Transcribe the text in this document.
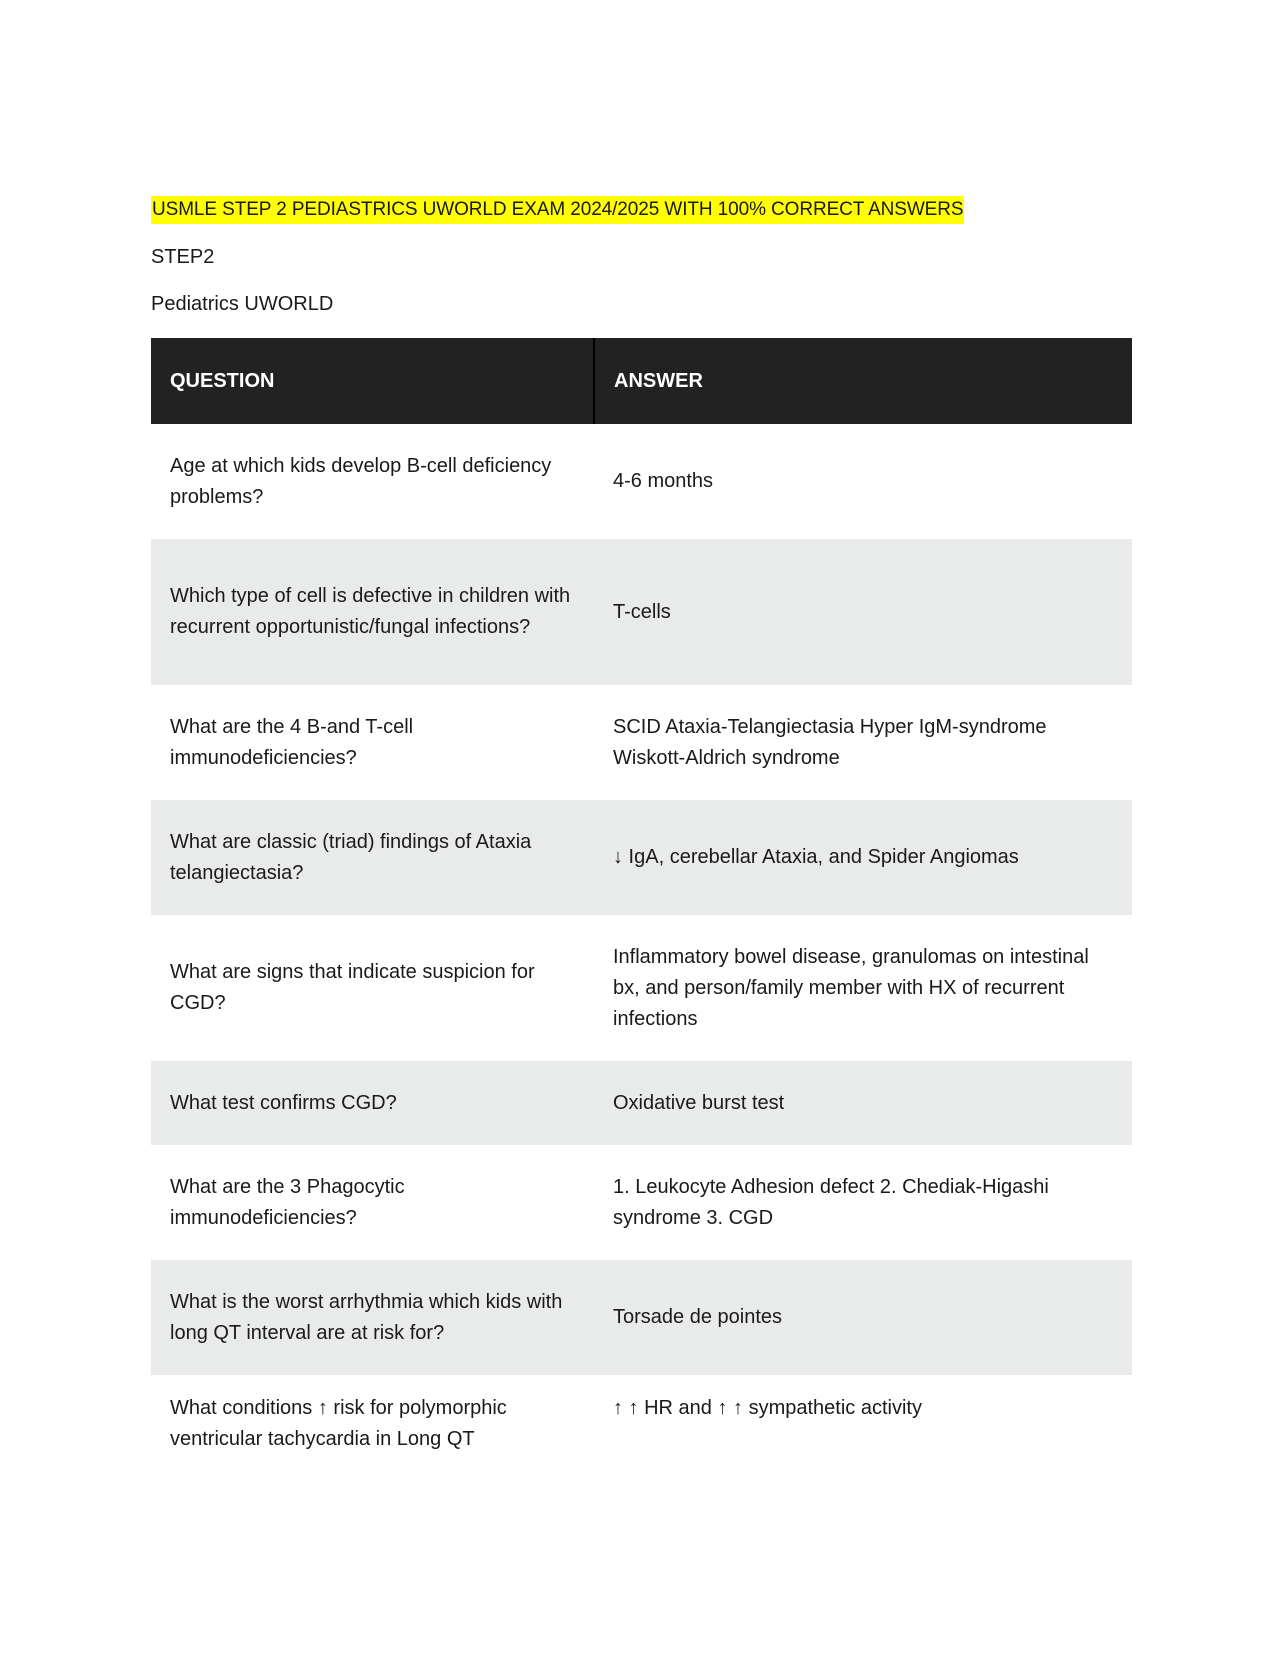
USMLE STEP 2 PEDIASTRICS UWORLD EXAM 2024/2025 WITH 100% CORRECT ANSWERS

STEP2

Pediatrics UWORLD

QUESTION	ANSWER
Age at which kids develop B-cell deficiency problems?	4-6 months
Which type of cell is defective in children with recurrent opportunistic/fungal infections?	T-cells
What are the 4 B-and T-cell immunodeficiencies?	SCID Ataxia-Telangiectasia Hyper IgM-syndrome Wiskott-Aldrich syndrome
What are classic (triad) findings of Ataxia telangiectasia?	↓ IgA, cerebellar Ataxia, and Spider Angiomas
What are signs that indicate suspicion for CGD?	Inflammatory bowel disease, granulomas on intestinal bx, and person/family member with HX of recurrent infections
What test confirms CGD?	Oxidative burst test
What are the 3 Phagocytic immunodeficiencies?	1. Leukocyte Adhesion defect 2. Chediak-Higashi syndrome 3. CGD
What is the worst arrhythmia which kids with long QT interval are at risk for?	Torsade de pointes
What conditions ↑ risk for polymorphic ventricular tachycardia in Long QT	↑ ↑ HR and ↑ ↑ sympathetic activity
